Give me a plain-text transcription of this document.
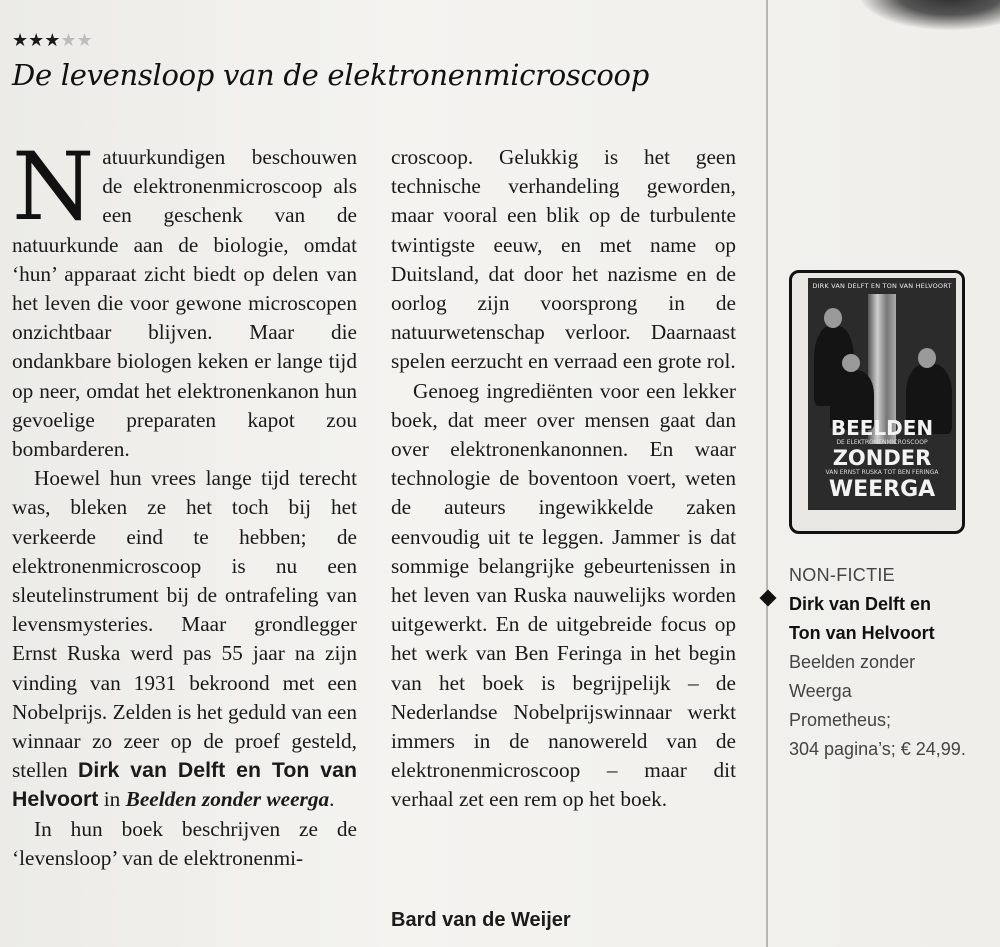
★★★★★
De levensloop van de elektronenmicroscoop

Natuurkundigen beschouwen de elektronenmicroscoop als een geschenk van de natuurkunde aan de biologie, omdat ‘hun’ apparaat zicht biedt op delen van het leven die voor gewone microscopen onzichtbaar blijven. Maar die ondankbare biologen keken er lange tijd op neer, omdat het elektronenkanon hun gevoelige preparaten kapot zou bombarderen.

Hoewel hun vrees lange tijd terecht was, bleken ze het toch bij het verkeerde eind te hebben; de elektronenmicroscoop is nu een sleutelinstrument bij de ontrafeling van levensmysteries. Maar grondlegger Ernst Ruska werd pas 55 jaar na zijn vinding van 1931 bekroond met een Nobelprijs. Zelden is het geduld van een winnaar zo zeer op de proef gesteld, stellen Dirk van Delft en Ton van Helvoort in Beelden zonder weerga.

In hun boek beschrijven ze de ‘levensloop’ van de elektronenmi-

croscoop. Gelukkig is het geen technische verhandeling geworden, maar vooral een blik op de turbulente twintigste eeuw, en met name op Duitsland, dat door het nazisme en de oorlog zijn voorsprong in de natuurwetenschap verloor. Daarnaast spelen eerzucht en verraad een grote rol.

Genoeg ingrediënten voor een lekker boek, dat meer over mensen gaat dan over elektronenkanonnen. En waar technologie de boventoon voert, weten de auteurs ingewikkelde zaken eenvoudig uit te leggen. Jammer is dat sommige belangrijke gebeurtenissen in het leven van Ruska nauwelijks worden uitgewerkt. En de uitgebreide focus op het werk van Ben Feringa in het begin van het boek is begrijpelijk – de Nederlandse Nobelprijswinnaar werkt immers in de nanowereld van de elektronenmicroscoop – maar dit verhaal zet een rem op het boek.

Bard van de Weijer
DIRK VAN DELFT EN TON VAN HELVOORT
BEELDEN
DE ELEKTRONENMICROSCOOP
ZONDER
VAN ERNST RUSKA TOT BEN FERINGA
WEERGA
NON-FICTIE
Dirk van Delft en
Ton van Helvoort
Beelden zonder
Weerga
Prometheus;
304 pagina’s; € 24,99.
